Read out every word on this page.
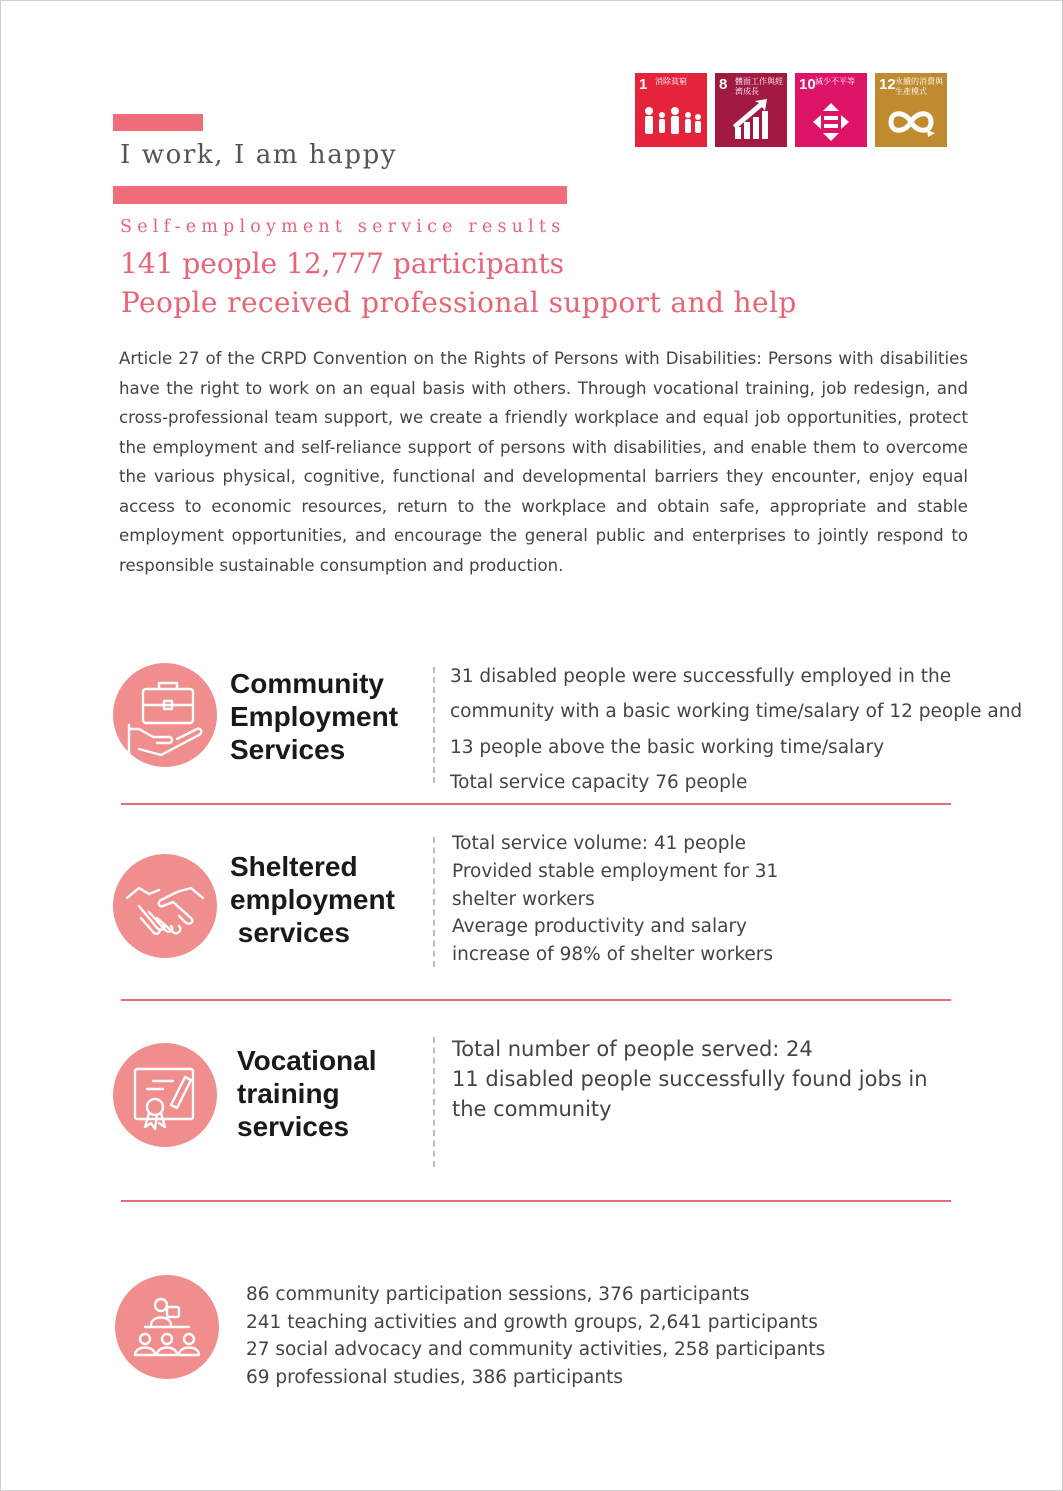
I work, I am happy
1 消除貧窮	8 體面工作與經濟成長	10 減少不平等	12 永續的消費與生產模式
Self-employment service results
141 people 12,777 participants
People received professional support and help
Article 27 of the CRPD Convention on the Rights of Persons with Disabilities: Persons with disabilities have the right to work on an equal basis with others. Through vocational training, job redesign, and cross-professional team support, we create a friendly workplace and equal job opportunities, protect the employment and self-reliance support of persons with disabilities, and enable them to overcome the various physical, cognitive, functional and developmental barriers they encounter, enjoy equal access to economic resources, return to the workplace and obtain safe, appropriate and stable employment opportunities, and encourage the general public and enterprises to jointly respond to responsible sustainable consumption and production.
Community
Employment
Services
31 disabled people were successfully employed in the
community with a basic working time/salary of 12 people and
13 people above the basic working time/salary
Total service capacity 76 people
Sheltered
employment
services
Total service volume: 41 people
Provided stable employment for 31
shelter workers
Average productivity and salary
increase of 98% of shelter workers
Vocational
training
services
Total number of people served: 24
11 disabled people successfully found jobs in
the community
86 community participation sessions, 376 participants
241 teaching activities and growth groups, 2,641 participants
27 social advocacy and community activities, 258 participants
69 professional studies, 386 participants
